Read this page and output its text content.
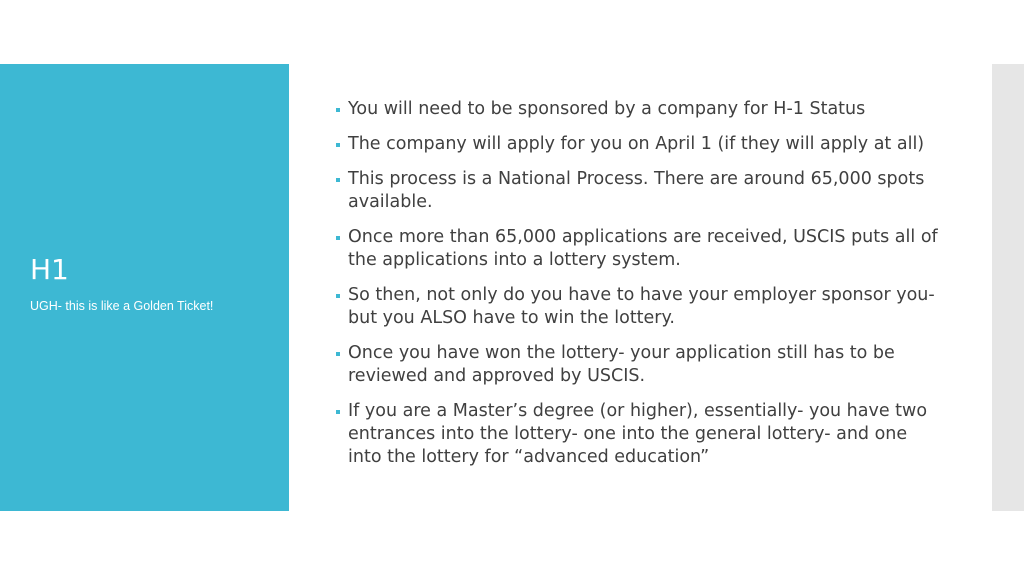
H1

UGH- this is like a Golden Ticket!

You will need to be sponsored by a company for H-1 Status
The company will apply for you on April 1 (if they will apply at all)
This process is a National Process. There are around 65,000 spots available.
Once more than 65,000 applications are received, USCIS puts all of the applications into a lottery system.
So then, not only do you have to have your employer sponsor you- but you ALSO have to win the lottery.
Once you have won the lottery- your application still has to be reviewed and approved by USCIS.
If you are a Master’s degree (or higher), essentially- you have two entrances into the lottery- one into the general lottery- and one into the lottery for “advanced education”
